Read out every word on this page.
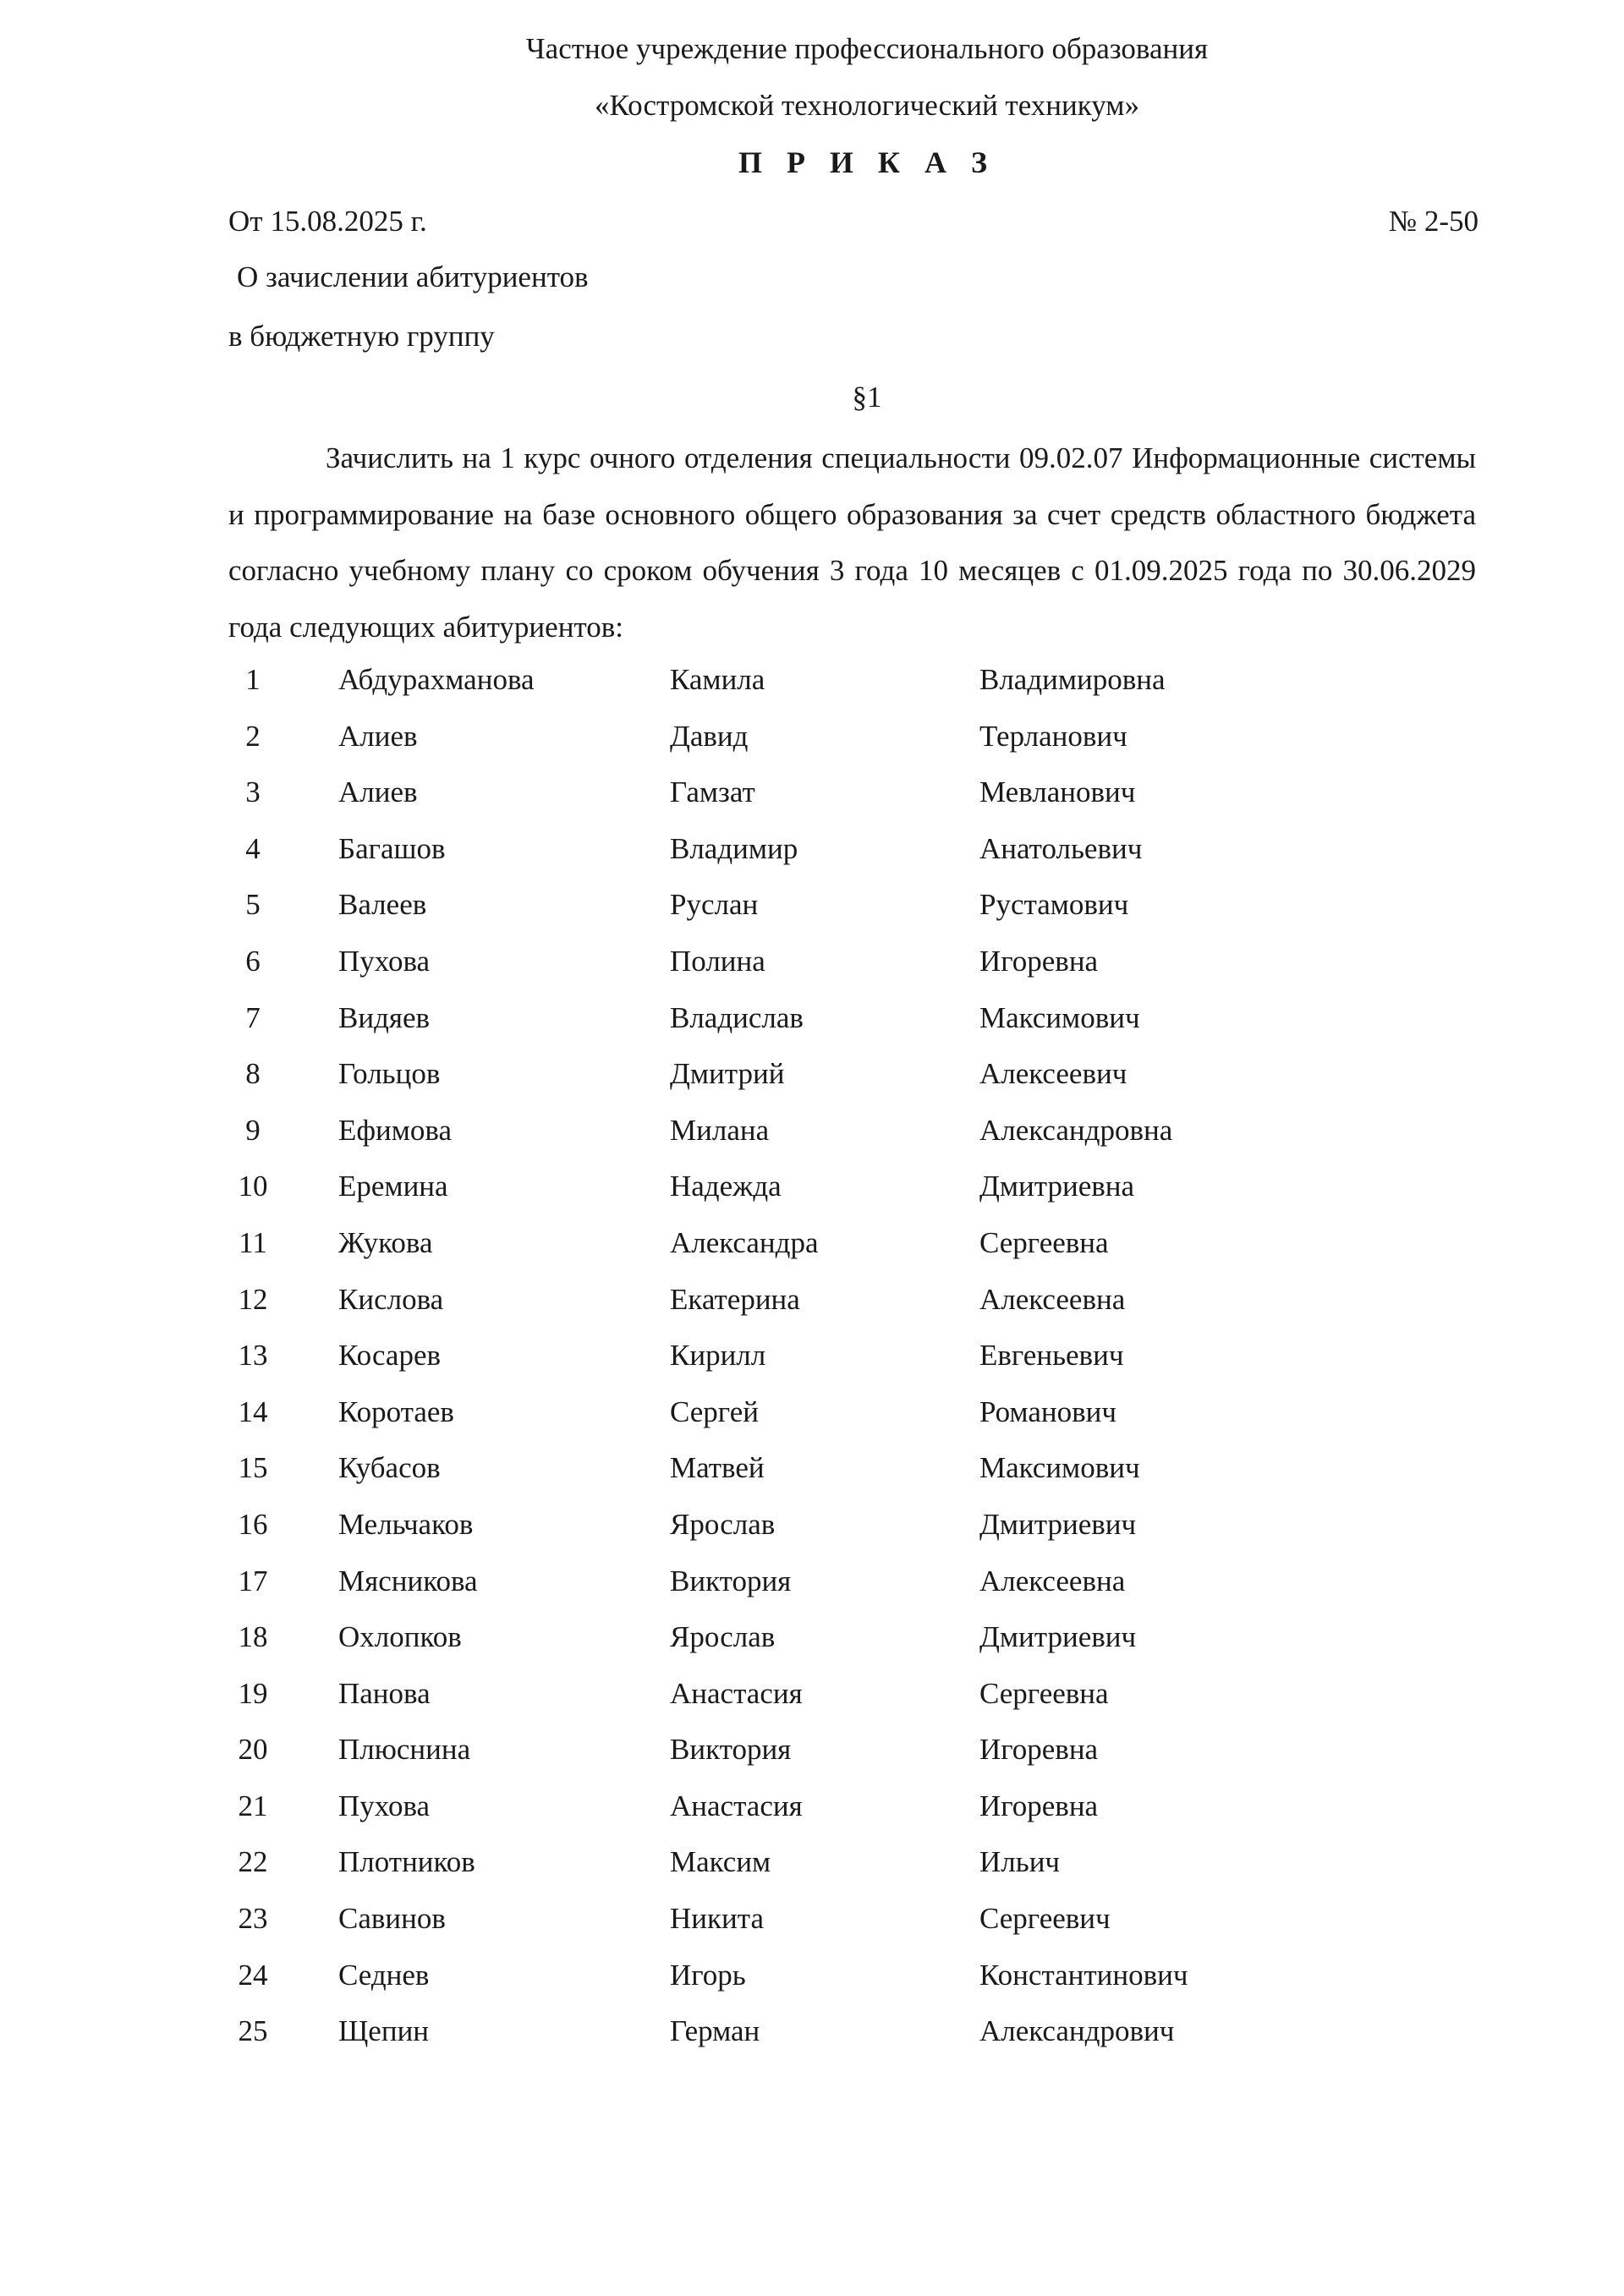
Частное учреждение профессионального образования
«Костромской технологический техникум»
П Р И К А З
От 15.08.2025 г.	№ 2-50
О зачислении абитуриентов
в бюджетную группу
§1
Зачислить на 1 курс очного отделения специальности 09.02.07 Информационные системы и программирование на базе основного общего образования за счет средств областного бюджета согласно учебному плану со сроком обучения 3 года 10 месяцев с 01.09.2025 года по 30.06.2029 года следующих абитуриентов:
1	Абдурахманова	Камила	Владимировна
2	Алиев	Давид	Терланович
3	Алиев	Гамзат	Мевланович
4	Багашов	Владимир	Анатольевич
5	Валеев	Руслан	Рустамович
6	Пухова	Полина	Игоревна
7	Видяев	Владислав	Максимович
8	Гольцов	Дмитрий	Алексеевич
9	Ефимова	Милана	Александровна
10	Еремина	Надежда	Дмитриевна
11	Жукова	Александра	Сергеевна
12	Кислова	Екатерина	Алексеевна
13	Косарев	Кирилл	Евгеньевич
14	Коротаев	Сергей	Романович
15	Кубасов	Матвей	Максимович
16	Мельчаков	Ярослав	Дмитриевич
17	Мясникова	Виктория	Алексеевна
18	Охлопков	Ярослав	Дмитриевич
19	Панова	Анастасия	Сергеевна
20	Плюснина	Виктория	Игоревна
21	Пухова	Анастасия	Игоревна
22	Плотников	Максим	Ильич
23	Савинов	Никита	Сергеевич
24	Седнев	Игорь	Константинович
25	Щепин	Герман	Александрович
